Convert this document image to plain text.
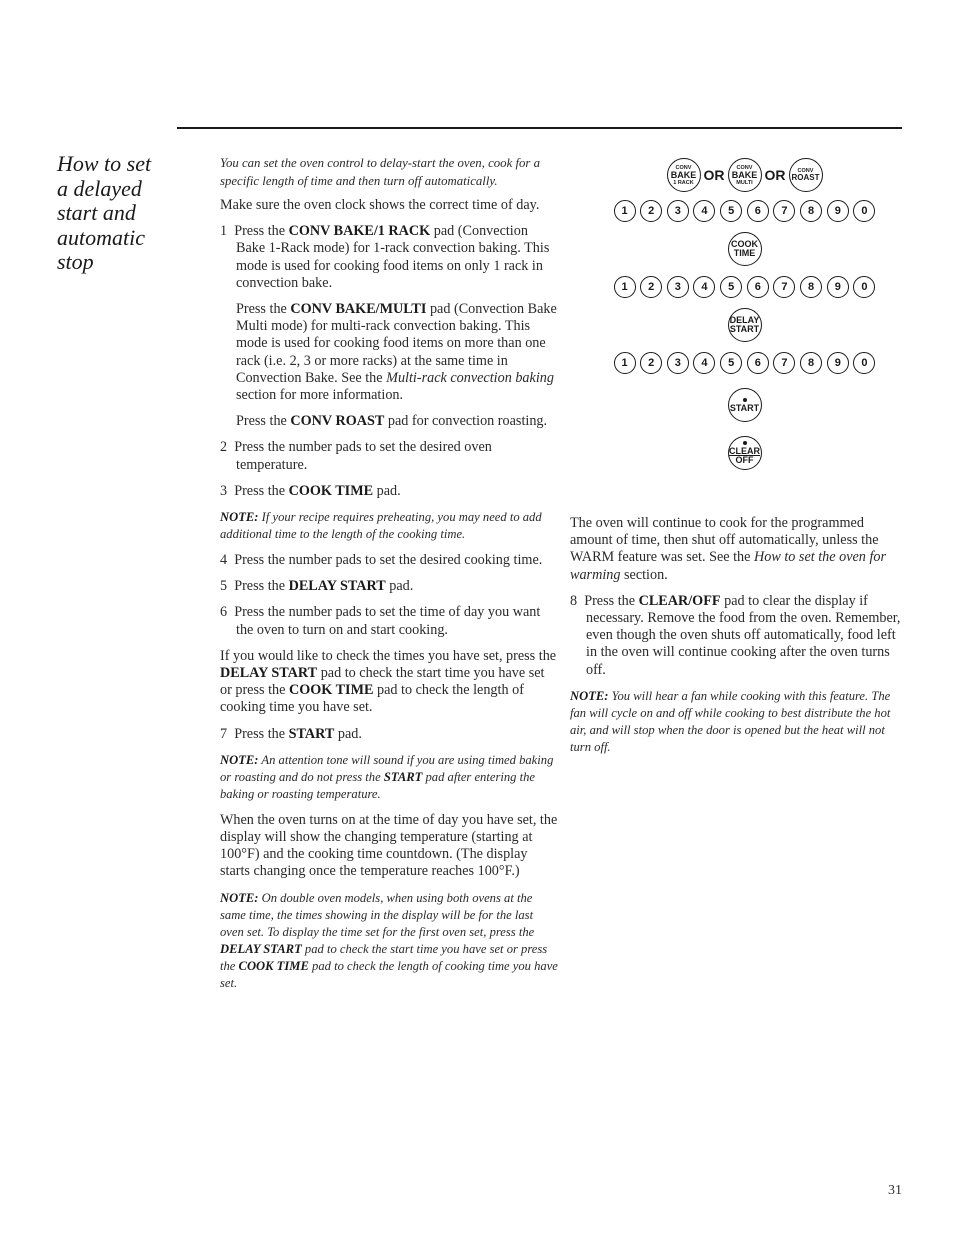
How to set
a delayed
start and
automatic
stop

You can set the oven control to delay-start the oven, cook for a specific length of time and then turn off automatically.

Make sure the oven clock shows the correct time of day.

1 Press the CONV BAKE/1 RACK pad (Convection Bake 1-Rack mode) for 1-rack convection baking. This mode is used for cooking food items on only 1 rack in convection bake.

Press the CONV BAKE/MULTI pad (Convection Bake Multi mode) for multi-rack convection baking. This mode is used for cooking food items on more than one rack (i.e. 2, 3 or more racks) at the same time in Convection Bake. See the Multi-rack convection baking section for more information.

Press the CONV ROAST pad for convection roasting.

2 Press the number pads to set the desired oven temperature.

3 Press the COOK TIME pad.

NOTE: If your recipe requires preheating, you may need to add additional time to the length of the cooking time.

4 Press the number pads to set the desired cooking time.

5 Press the DELAY START pad.

6 Press the number pads to set the time of day you want the oven to turn on and start cooking.

If you would like to check the times you have set, press the DELAY START pad to check the start time you have set or press the COOK TIME pad to check the length of cooking time you have set.

7 Press the START pad.

NOTE: An attention tone will sound if you are using timed baking or roasting and do not press the START pad after entering the baking or roasting temperature.

When the oven turns on at the time of day you have set, the display will show the changing temperature (starting at 100°F) and the cooking time countdown. (The display starts changing once the temperature reaches 100°F.)

NOTE: On double oven models, when using both ovens at the same time, the times showing in the display will be for the last oven set. To display the time set for the first oven set, press the DELAY START pad to check the start time you have set or press the COOK TIME pad to check the length of cooking time you have set.

CONV
BAKE
1 RACK OR CONV
BAKE
MULTI OR CONV
ROAST
1	2	3	4	5	6	7	8	9	0
COOK
TIME
1	2	3	4	5	6	7	8	9	0
DELAY
START
1	2	3	4	5	6	7	8	9	0
START
CLEAR
OFF

The oven will continue to cook for the programmed amount of time, then shut off automatically, unless the WARM feature was set. See the How to set the oven for warming section.

8 Press the CLEAR/OFF pad to clear the display if necessary. Remove the food from the oven. Remember, even though the oven shuts off automatically, food left in the oven will continue cooking after the oven turns off.

NOTE: You will hear a fan while cooking with this feature. The fan will cycle on and off while cooking to best distribute the hot air, and will stop when the door is opened but the heat will not turn off.

31
